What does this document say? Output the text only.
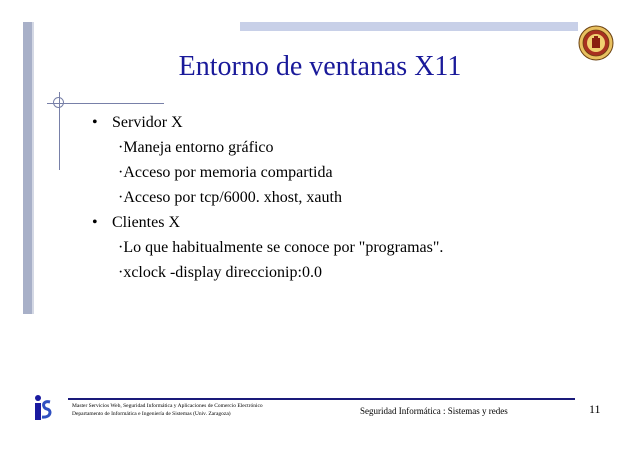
Entorno de ventanas X11
• Servidor X
·Maneja entorno gráfico
·Acceso por memoria compartida
·Acceso por tcp/6000. xhost, xauth
• Clientes X
·Lo que habitualmente se conoce por "programas".
·xclock -display direccionip:0.0
Master Servicios Web, Seguridad Informática y Aplicaciones de Comercio Electrónico
Departamento de Informática e Ingeniería de Sistemas (Univ. Zaragoza)	Seguridad Informática : Sistemas y redes	11
